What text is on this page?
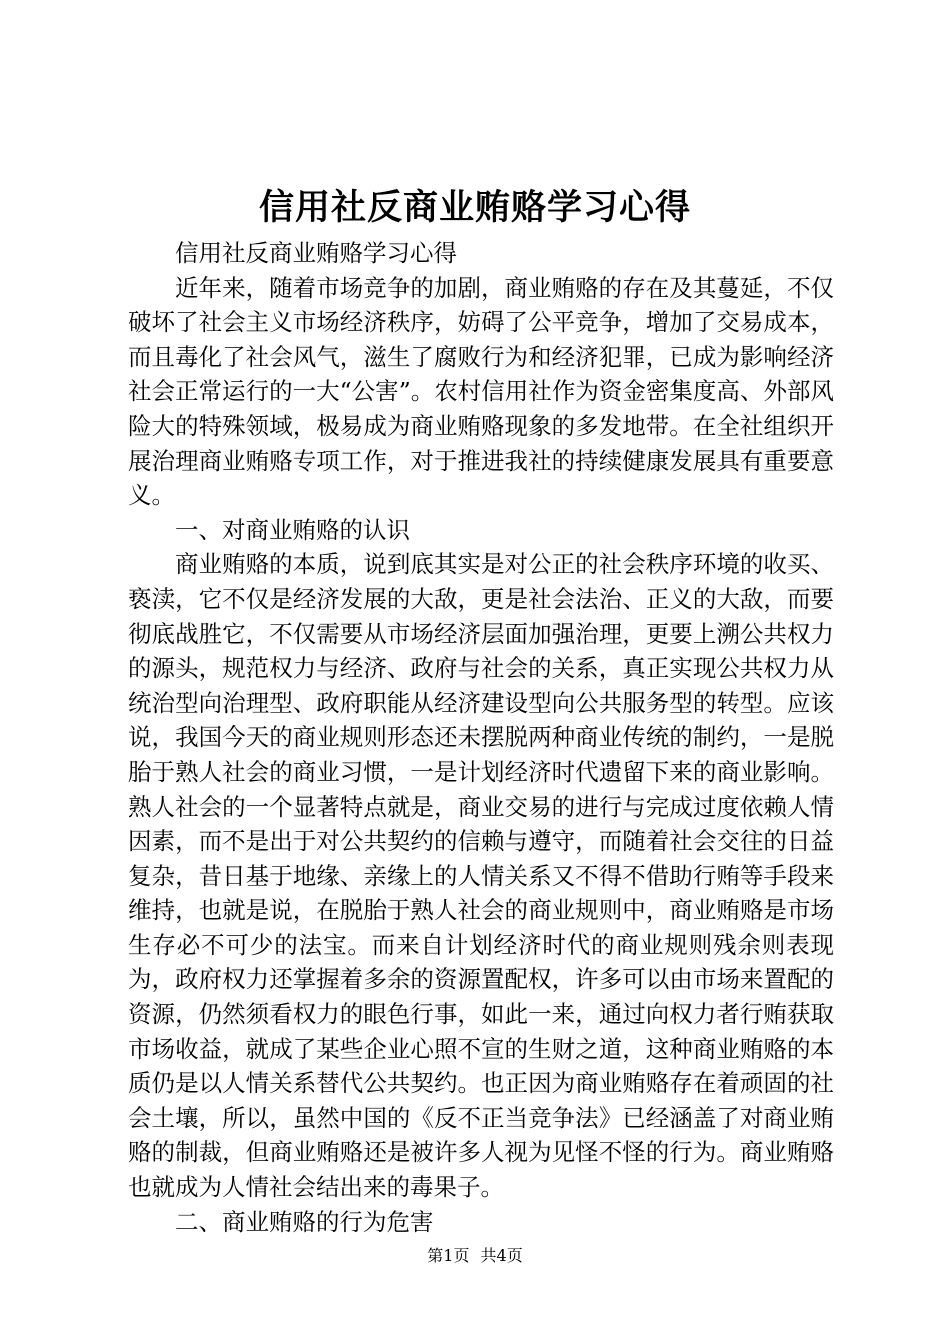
信用社反商业贿赂学习心得

信用社反商业贿赂学习心得

近年来，随着市场竞争的加剧，商业贿赂的存在及其蔓延，不仅破坏了社会主义市场经济秩序，妨碍了公平竞争，增加了交易成本，而且毒化了社会风气，滋生了腐败行为和经济犯罪，已成为影响经济社会正常运行的一大“公害”。农村信用社作为资金密集度高、外部风险大的特殊领域，极易成为商业贿赂现象的多发地带。在全社组织开展治理商业贿赂专项工作，对于推进我社的持续健康发展具有重要意义。

一、对商业贿赂的认识

商业贿赂的本质，说到底其实是对公正的社会秩序环境的收买、亵渎，它不仅是经济发展的大敌，更是社会法治、正义的大敌，而要彻底战胜它，不仅需要从市场经济层面加强治理，更要上溯公共权力的源头，规范权力与经济、政府与社会的关系，真正实现公共权力从统治型向治理型、政府职能从经济建设型向公共服务型的转型。应该说，我国今天的商业规则形态还未摆脱两种商业传统的制约，一是脱胎于熟人社会的商业习惯，一是计划经济时代遗留下来的商业影响。熟人社会的一个显著特点就是，商业交易的进行与完成过度依赖人情因素，而不是出于对公共契约的信赖与遵守，而随着社会交往的日益复杂，昔日基于地缘、亲缘上的人情关系又不得不借助行贿等手段来维持，也就是说，在脱胎于熟人社会的商业规则中，商业贿赂是市场生存必不可少的法宝。而来自计划经济时代的商业规则残余则表现为，政府权力还掌握着多余的资源置配权，许多可以由市场来置配的资源，仍然须看权力的眼色行事，如此一来，通过向权力者行贿获取市场收益，就成了某些企业心照不宣的生财之道，这种商业贿赂的本质仍是以人情关系替代公共契约。也正因为商业贿赂存在着顽固的社会土壤，所以，虽然中国的《反不正当竞争法》已经涵盖了对商业贿赂的制裁，但商业贿赂还是被许多人视为见怪不怪的行为。商业贿赂也就成为人情社会结出来的毒果子。

二、商业贿赂的行为危害

第1页 共4页
